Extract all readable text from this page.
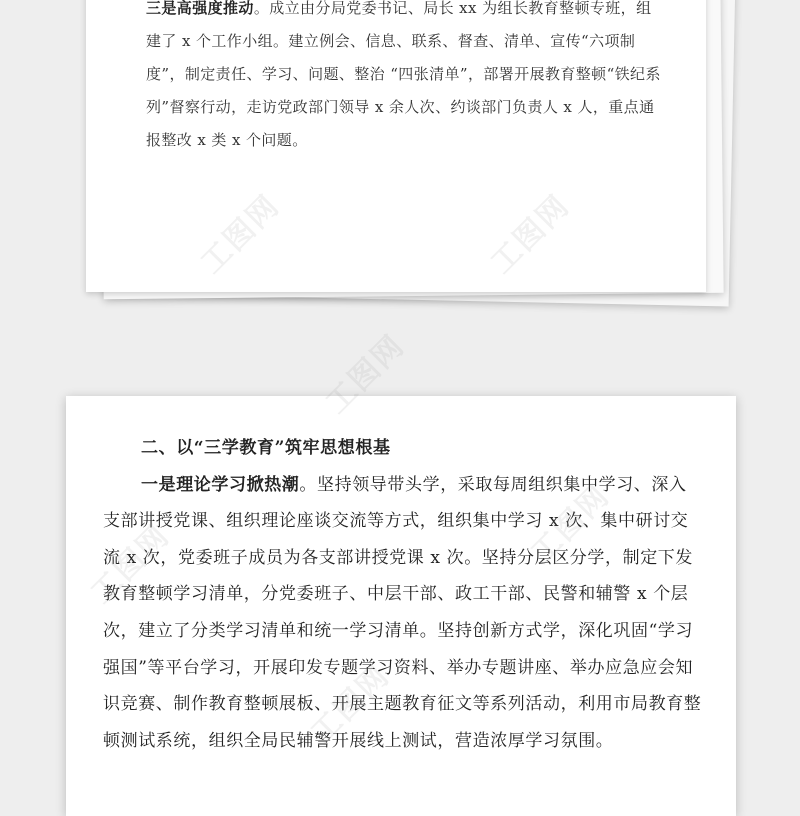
三是高强度推动。成立由分局党委书记、局长 xx 为组长教育整顿专班，组建了 x 个工作小组。建立例会、信息、联系、督查、清单、宣传“六项制度”，制定责任、学习、问题、整治 “四张清单”，部署开展教育整顿“铁纪系列”督察行动，走访党政部门领导 x 余人次、约谈部门负责人 x 人，重点通报整改 x 类 x 个问题。
二、以“三学教育”筑牢思想根基
一是理论学习掀热潮。坚持领导带头学，采取每周组织集中学习、深入支部讲授党课、组织理论座谈交流等方式，组织集中学习 x 次、集中研讨交流 x 次，党委班子成员为各支部讲授党课 x 次。坚持分层区分学，制定下发教育整顿学习清单，分党委班子、中层干部、政工干部、民警和辅警 x 个层次，建立了分类学习清单和统一学习清单。坚持创新方式学，深化巩固“学习强国”等平台学习，开展印发专题学习资料、举办专题讲座、举办应急应会知识竞赛、制作教育整顿展板、开展主题教育征文等系列活动，利用市局教育整顿测试系统，组织全局民辅警开展线上测试，营造浓厚学习氛围。
工图网
